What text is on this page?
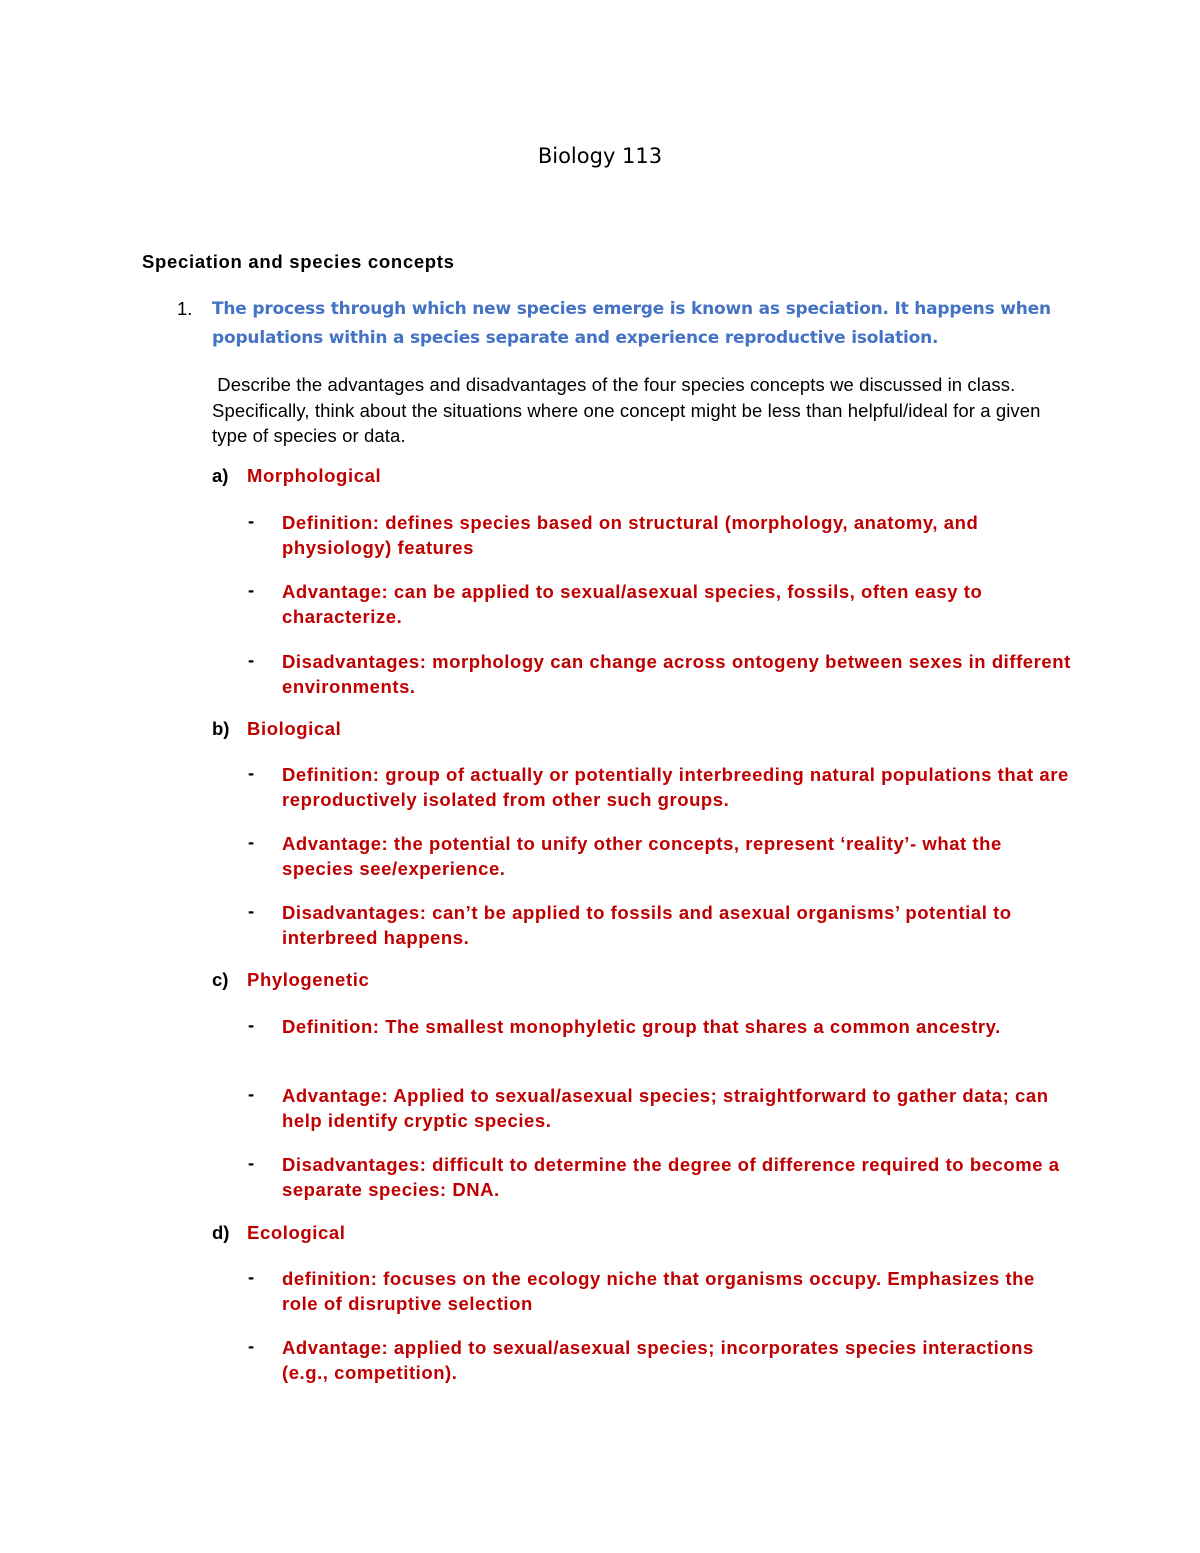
Biology 113
Speciation and species concepts
1. The process through which new species emerge is known as speciation. It happens when populations within a species separate and experience reproductive isolation.
Describe the advantages and disadvantages of the four species concepts we discussed in class. Specifically, think about the situations where one concept might be less than helpful/ideal for a given type of species or data.
a) Morphological
- Definition: defines species based on structural (morphology, anatomy, and physiology) features
- Advantage: can be applied to sexual/asexual species, fossils, often easy to characterize.
- Disadvantages: morphology can change across ontogeny between sexes in different environments.
b) Biological
- Definition: group of actually or potentially interbreeding natural populations that are reproductively isolated from other such groups.
- Advantage: the potential to unify other concepts, represent ‘reality’- what the species see/experience.
- Disadvantages: can’t be applied to fossils and asexual organisms’ potential to interbreed happens.
c) Phylogenetic
- Definition: The smallest monophyletic group that shares a common ancestry.
- Advantage: Applied to sexual/asexual species; straightforward to gather data; can help identify cryptic species.
- Disadvantages: difficult to determine the degree of difference required to become a separate species: DNA.
d) Ecological
- definition: focuses on the ecology niche that organisms occupy. Emphasizes the role of disruptive selection
- Advantage: applied to sexual/asexual species; incorporates species interactions (e.g., competition).
